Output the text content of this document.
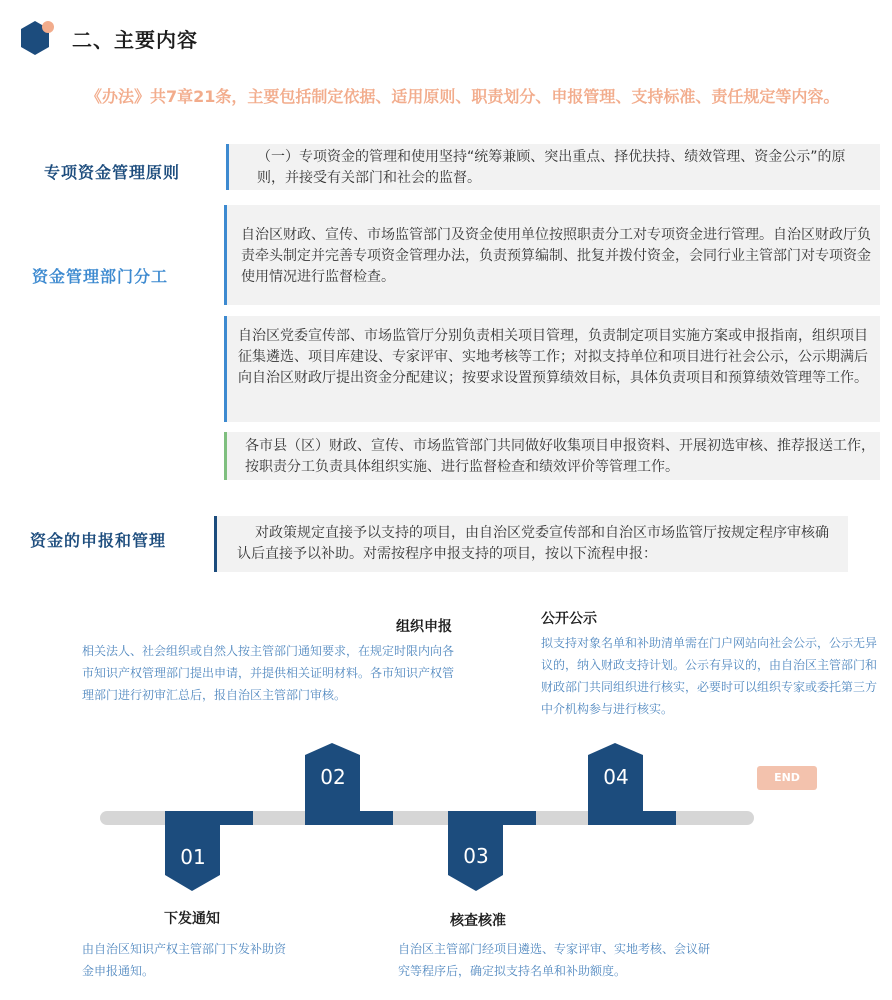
二、主要内容
《办法》共7章21条，主要包括制定依据、适用原则、职责划分、申报管理、支持标准、责任规定等内容。
专项资金管理原则
（一）专项资金的管理和使用坚持“统筹兼顾、突出重点、择优扶持、绩效管理、资金公示”的原则，并接受有关部门和社会的监督。
资金管理部门分工
自治区财政、宣传、市场监管部门及资金使用单位按照职责分工对专项资金进行管理。自治区财政厅负责牵头制定并完善专项资金管理办法，负责预算编制、批复并拨付资金，会同行业主管部门对专项资金使用情况进行监督检查。
自治区党委宣传部、市场监管厅分别负责相关项目管理，负责制定项目实施方案或申报指南，组织项目征集遴选、项目库建设、专家评审、实地考核等工作；对拟支持单位和项目进行社会公示，公示期满后向自治区财政厅提出资金分配建议；按要求设置预算绩效目标，具体负责项目和预算绩效管理等工作。
各市县（区）财政、宣传、市场监管部门共同做好收集项目申报资料、开展初选审核、推荐报送工作，按职责分工负责具体组织实施、进行监督检查和绩效评价等管理工作。
资金的申报和管理	对政策规定直接予以支持的项目，由自治区党委宣传部和自治区市场监管厅按规定程序审核确认后直接予以补助。对需按程序申报支持的项目，按以下流程申报：
01
02
03
04	END
下发通知
由自治区知识产权主管部门下发补助资金申报通知。
组织申报
相关法人、社会组织或自然人按主管部门通知要求，在规定时限内向各市知识产权管理部门提出申请，并提供相关证明材料。各市知识产权管理部门进行初审汇总后，报自治区主管部门审核。
核查核准
自治区主管部门经项目遴选、专家评审、实地考核、会议研究等程序后，确定拟支持名单和补助额度。
公开公示
拟支持对象名单和补助清单需在门户网站向社会公示，公示无异议的，纳入财政支持计划。公示有异议的，由自治区主管部门和财政部门共同组织进行核实，必要时可以组织专家或委托第三方中介机构参与进行核实。
